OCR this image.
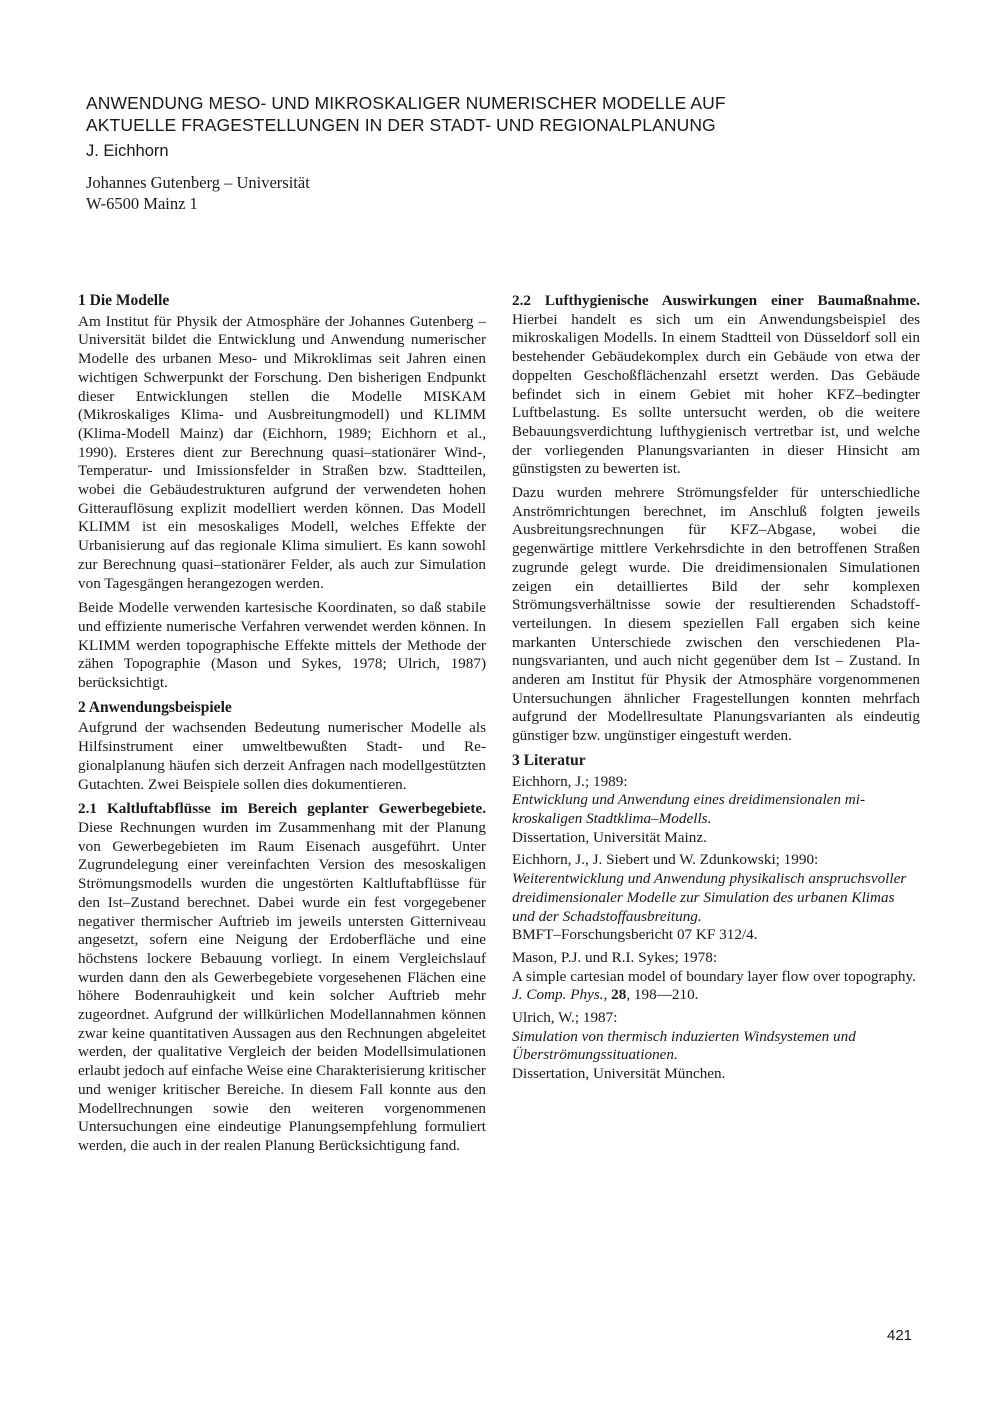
ANWENDUNG MESO- UND MIKROSKALIGER NUMERISCHER MODELLE AUF
AKTUELLE FRAGESTELLUNGEN IN DER STADT- UND REGIONALPLANUNG
J. Eichhorn
Johannes Gutenberg – Universität
W-6500 Mainz 1
1 Die Modelle

Am Institut für Physik der Atmosphäre der Johannes Gutenberg – Universität bildet die Entwicklung und Anwendung numerischer Modelle des urbanen Meso- und Mikroklimas seit Jahren einen wichtigen Schwerpunkt der Forschung. Den bisherigen Endpunkt dieser Entwicklungen stellen die Modelle MISKAM (Mikroskaliges Klima- und Ausbreitungmodell) und KLIMM (Klima-Modell Mainz) dar (Eichhorn, 1989; Eichhorn et al., 1990). Ersteres dient zur Berechnung quasi–stationärer Wind-, Temperatur- und Imissionsfelder in Straßen bzw. Stadtteilen, wobei die Gebäudestrukturen aufgrund der verwendeten hohen Gitterauflösung explizit modelliert werden können. Das Modell KLIMM ist ein mesoskaliges Modell, welches Effekte der Urbanisierung auf das regionale Klima simuliert. Es kann sowohl zur Berechnung quasi–stationärer Felder, als auch zur Simulation von Tagesgängen herangezogen werden.

Beide Modelle verwenden kartesische Koordinaten, so daß stabile und effiziente numerische Verfahren verwendet werden können. In KLIMM werden topographische Effekte mittels der Methode der zähen Topographie (Mason und Sykes, 1978; Ulrich, 1987) berücksichtigt.

2 Anwendungsbeispiele

Aufgrund der wachsenden Bedeutung numerischer Modelle als Hilfsinstrument einer umweltbewußten Stadt- und Regionalplanung häufen sich derzeit Anfragen nach modellgestützten Gutachten. Zwei Beispiele sollen dies dokumentieren.

2.1 Kaltluftabflüsse im Bereich geplanter Gewerbegebiete. Diese Rechnungen wurden im Zusammenhang mit der Planung von Gewerbegebieten im Raum Eisenach ausgeführt. Unter Zugrundelegung einer vereinfachten Version des mesoskaligen Strömungsmodells wurden die ungestörten Kaltluftabflüsse für den Ist–Zustand berechnet. Dabei wurde ein fest vorgegebener negativer thermischer Auftrieb im jeweils untersten Gitterniveau angesetzt, sofern eine Neigung der Erdoberfläche und eine höchstens lockere Bebauung vorliegt. In einem Vergleichslauf wurden dann den als Gewerbegebiete vorgesehenen Flächen eine höhere Bodenrauhigkeit und kein solcher Auftrieb mehr zugeordnet. Aufgrund der willkürlichen Modellannahmen können zwar keine quantitativen Aussagen aus den Rechnungen abgeleitet werden, der qualitative Vergleich der beiden Modellsimulationen erlaubt jedoch auf einfache Weise eine Charakterisierung kritischer und weniger kritischer Bereiche. In diesem Fall konnte aus den Modellrechnungen sowie den weiteren vorgenommenen Untersuchungen eine eindeutige Planungsempfehlung formuliert werden, die auch in der realen Planung Berücksichtigung fand.

2.2 Lufthygienische Auswirkungen einer Baumaßnahme. Hierbei handelt es sich um ein Anwendungsbeispiel des mikroskaligen Modells. In einem Stadtteil von Düsseldorf soll ein bestehender Gebäudekomplex durch ein Gebäude von etwa der doppelten Geschoßflächenzahl ersetzt werden. Das Gebäude befindet sich in einem Gebiet mit hoher KFZ–bedingter Luftbelastung. Es sollte untersucht werden, ob die weitere Bebauungsverdichtung lufthygienisch vertretbar ist, und welche der vorliegenden Planungsvarianten in dieser Hinsicht am günstigsten zu bewerten ist.

Dazu wurden mehrere Strömungsfelder für unterschiedliche Anströmrichtungen berechnet, im Anschluß folgten jeweils Ausbreitungsrechnungen für KFZ–Abgase, wobei die gegenwärtige mittlere Verkehrsdichte in den betroffenen Straßen zugrunde gelegt wurde. Die dreidimensionalen Simulationen zeigen ein detailliertes Bild der sehr komplexen Strömungsverhältnisse sowie der resultierenden Schadstoffverteilungen. In diesem speziellen Fall ergaben sich keine markanten Unterschiede zwischen den verschiedenen Planungsvarianten, und auch nicht gegenüber dem Ist – Zustand. In anderen am Institut für Physik der Atmosphäre vorgenommenen Untersuchungen ähnlicher Fragestellungen konnten mehrfach aufgrund der Modellresultate Planungsvarianten als eindeutig günstiger bzw. ungünstiger eingestuft werden.

3 Literatur
Eichhorn, J.; 1989:
Entwicklung und Anwendung eines dreidimensionalen mikroskaligen Stadtklima–Modells.
Dissertation, Universität Mainz.
Eichhorn, J., J. Siebert und W. Zdunkowski; 1990:
Weiterentwicklung und Anwendung physikalisch anspruchsvoller dreidimensionaler Modelle zur Simulation des urbanen Klimas und der Schadstoffausbreitung.
BMFT–Forschungsbericht 07 KF 312/4.
Mason, P.J. und R.I. Sykes; 1978:
A simple cartesian model of boundary layer flow over topography. J. Comp. Phys., 28, 198—210.
Ulrich, W.; 1987:
Simulation von thermisch induzierten Windsystemen und Überströmungssituationen.
Dissertation, Universität München.
421
